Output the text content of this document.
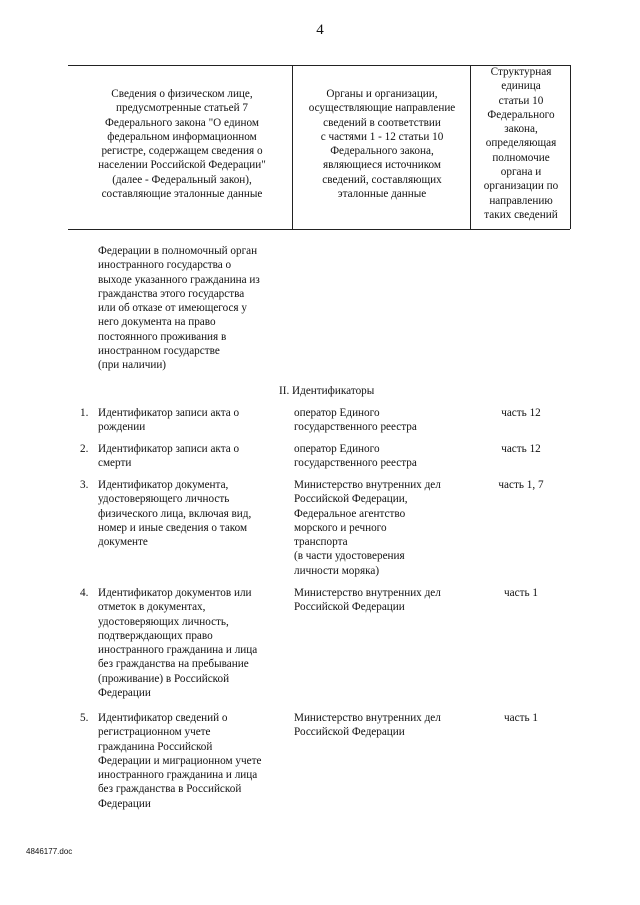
4
Сведения о физическом лице,
предусмотренные статьей 7
Федерального закона "О едином
федеральном информационном
регистре, содержащем сведения о
населении Российской Федерации"
(далее - Федеральный закон),
составляющие эталонные данные
Органы и организации,
осуществляющие направление
сведений в соответствии
с частями 1 - 12 статьи 10
Федерального закона,
являющиеся источником
сведений, составляющих
эталонные данные
Структурная
единица
статьи 10
Федерального
закона,
определяющая
полномочие
органа и
организации по
направлению
таких сведений
Федерации в полномочный орган
иностранного государства о
выходе указанного гражданина из
гражданства этого государства
или об отказе от имеющегося у
него документа на право
постоянного проживания в
иностранном государстве
(при наличии)
II. Идентификаторы
1. Идентификатор записи акта о
рождении
оператор Единого
государственного реестра
часть 12
2. Идентификатор записи акта о
смерти
оператор Единого
государственного реестра
часть 12
3. Идентификатор документа,
удостоверяющего личность
физического лица, включая вид,
номер и иные сведения о таком
документе
Министерство внутренних дел
Российской Федерации,
Федеральное агентство
морского и речного
транспорта
(в части удостоверения
личности моряка)
часть 1, 7
4. Идентификатор документов или
отметок в документах,
удостоверяющих личность,
подтверждающих право
иностранного гражданина и лица
без гражданства на пребывание
(проживание) в Российской
Федерации
Министерство внутренних дел
Российской Федерации
часть 1
5. Идентификатор сведений о
регистрационном учете
гражданина Российской
Федерации и миграционном учете
иностранного гражданина и лица
без гражданства в Российской
Федерации
Министерство внутренних дел
Российской Федерации
часть 1
4846177.doc
